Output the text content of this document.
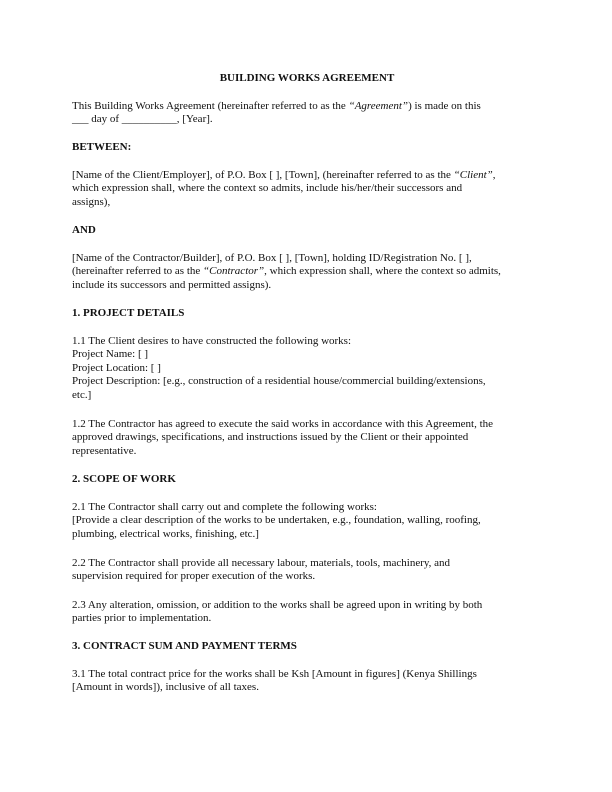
BUILDING WORKS AGREEMENT
This Building Works Agreement (hereinafter referred to as the “Agreement”) is made on this
___ day of __________, [Year].
BETWEEN:
[Name of the Client/Employer], of P.O. Box [ ], [Town], (hereinafter referred to as the “Client”,
which expression shall, where the context so admits, include his/her/their successors and
assigns),
AND
[Name of the Contractor/Builder], of P.O. Box [ ], [Town], holding ID/Registration No. [ ],
(hereinafter referred to as the “Contractor”, which expression shall, where the context so admits,
include its successors and permitted assigns).
1. PROJECT DETAILS
1.1 The Client desires to have constructed the following works:
Project Name: [ ]
Project Location: [ ]
Project Description: [e.g., construction of a residential house/commercial building/extensions,
etc.]
1.2 The Contractor has agreed to execute the said works in accordance with this Agreement, the
approved drawings, specifications, and instructions issued by the Client or their appointed
representative.
2. SCOPE OF WORK
2.1 The Contractor shall carry out and complete the following works:
[Provide a clear description of the works to be undertaken, e.g., foundation, walling, roofing,
plumbing, electrical works, finishing, etc.]
2.2 The Contractor shall provide all necessary labour, materials, tools, machinery, and
supervision required for proper execution of the works.
2.3 Any alteration, omission, or addition to the works shall be agreed upon in writing by both
parties prior to implementation.
3. CONTRACT SUM AND PAYMENT TERMS
3.1 The total contract price for the works shall be Ksh [Amount in figures] (Kenya Shillings
[Amount in words]), inclusive of all taxes.
